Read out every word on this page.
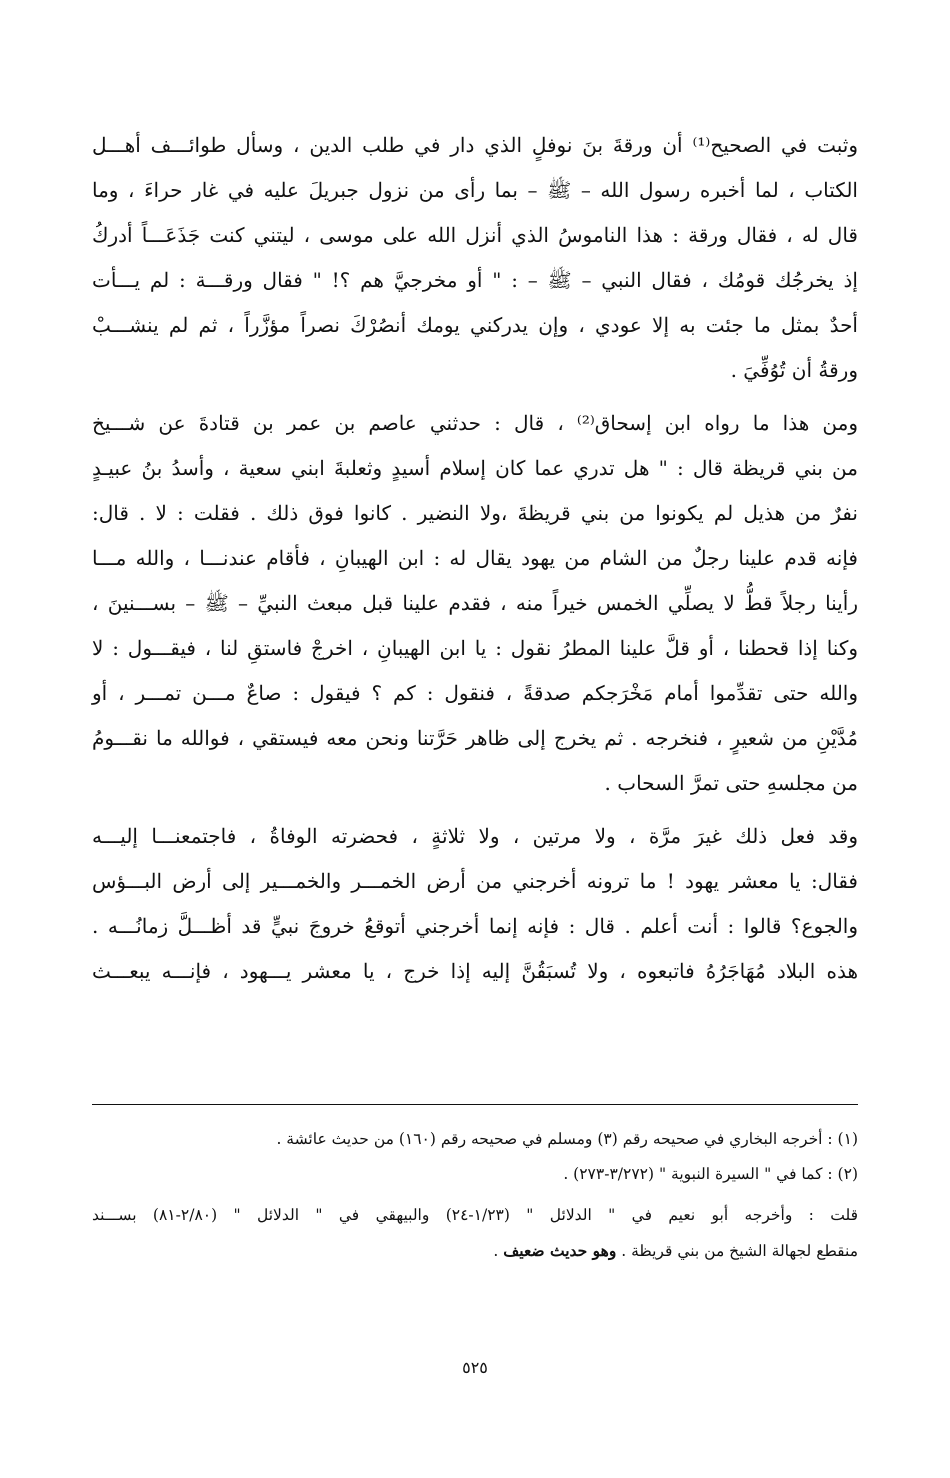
وثبت في الصحيح⁽¹⁾ أن ورقةَ بنَ نوفلٍ الذي دار في طلب الدين ، وسأل طوائـــف أهـــل
الكتاب ، لما أخبره رسول الله – ﷺ – بما رأى من نزول جبريلَ عليه في غار حراءَ ، وما
قال له ، فقال ورقة : هذا الناموسُ الذي أنزل الله على موسى ، ليتني كنت جَذَعَـــاً أدركُ
إذ يخرجُك قومُك ، فقال النبي – ﷺ – : " أو مخرجيَّ هم ؟! " فقال ورقـــة : لم يـــأت
أحدٌ بمثل ما جئت به إلا عودي ، وإن يدركني يومك أنصُرْكَ نصراً مؤزَّراً ، ثم لم ينشـــبْ
ورقةُ أن تُوُفِّيَ .
ومن هذا ما رواه ابن إسحاق⁽²⁾ ، قال : حدثني عاصم بن عمر بن قتادةَ عن شـــيخ
من بني قريظة قال : " هل تدري عما كان إسلام أسيدٍ وثعلبةَ ابني سعية ، وأسدُ بنُ عبيـدٍ
نفرٌ من هذيل لم يكونوا من بني قريظةَ ،ولا النضير . كانوا فوق ذلك . فقلت : لا . قال:
فإنه قدم علينا رجلٌ من الشام من يهود يقال له : ابن الهيبانِ ، فأقام عندنـــا ، والله مـــا
رأينا رجلاً قطُّ لا يصلِّي الخمس خيراً منه ، فقدم علينا قبل مبعث النبيِّ – ﷺ – بســـنينَ ،
وكنا إذا قحطنا ، أو قلَّ علينا المطرُ نقول : يا ابن الهيبانِ ، اخرجْ فاستقِ لنا ، فيقـــول : لا
والله حتى تقدِّموا أمام مَخْرَجكم صدقةً ، فنقول : كم ؟ فيقول : صاعٌ مـــن تمـــر ، أو
مُدَّيْنِ من شعيرٍ ، فنخرجه . ثم يخرج إلى ظاهر حَرَّتنا ونحن معه فيستقي ، فوالله ما نقـــومُ
من مجلسهِ حتى تمرَّ السحاب .
وقد فعل ذلك غيرَ مرَّة ، ولا مرتين ، ولا ثلاثةٍ ، فحضرته الوفاةُ ، فاجتمعنـــا إليـــه
فقال: يا معشر يهود ! ما ترونه أخرجني من أرض الخمـــر والخمـــير إلى أرض البـــؤس
والجوع؟ قالوا : أنت أعلم . قال : فإنه إنما أخرجني أتوقعُ خروجَ نبيٍّ قد أظـــلَّ زمانُـــه .
هذه البلاد مُهَاجَرُهُ فاتبعوه ، ولا تُسبَقُنَّ إليه إذا خرج ، يا معشر يـــهود ، فإنـــه يبعـــث
(١) : أخرجه البخاري في صحيحه رقم (٣) ومسلم في صحيحه رقم (١٦٠) من حديث عائشة .
(٢) : كما في " السيرة النبوية " (٣/٢٧٢-٢٧٣) .
قلت : وأخرجه أبو نعيم في " الدلائل " (١/٢٣-٢٤) والبيهقي في " الدلائل " (٢/٨٠-٨١) بســـند
منقطع لجهالة الشيخ من بني قريظة . وهو حديث ضعيف .
٥٢٥
